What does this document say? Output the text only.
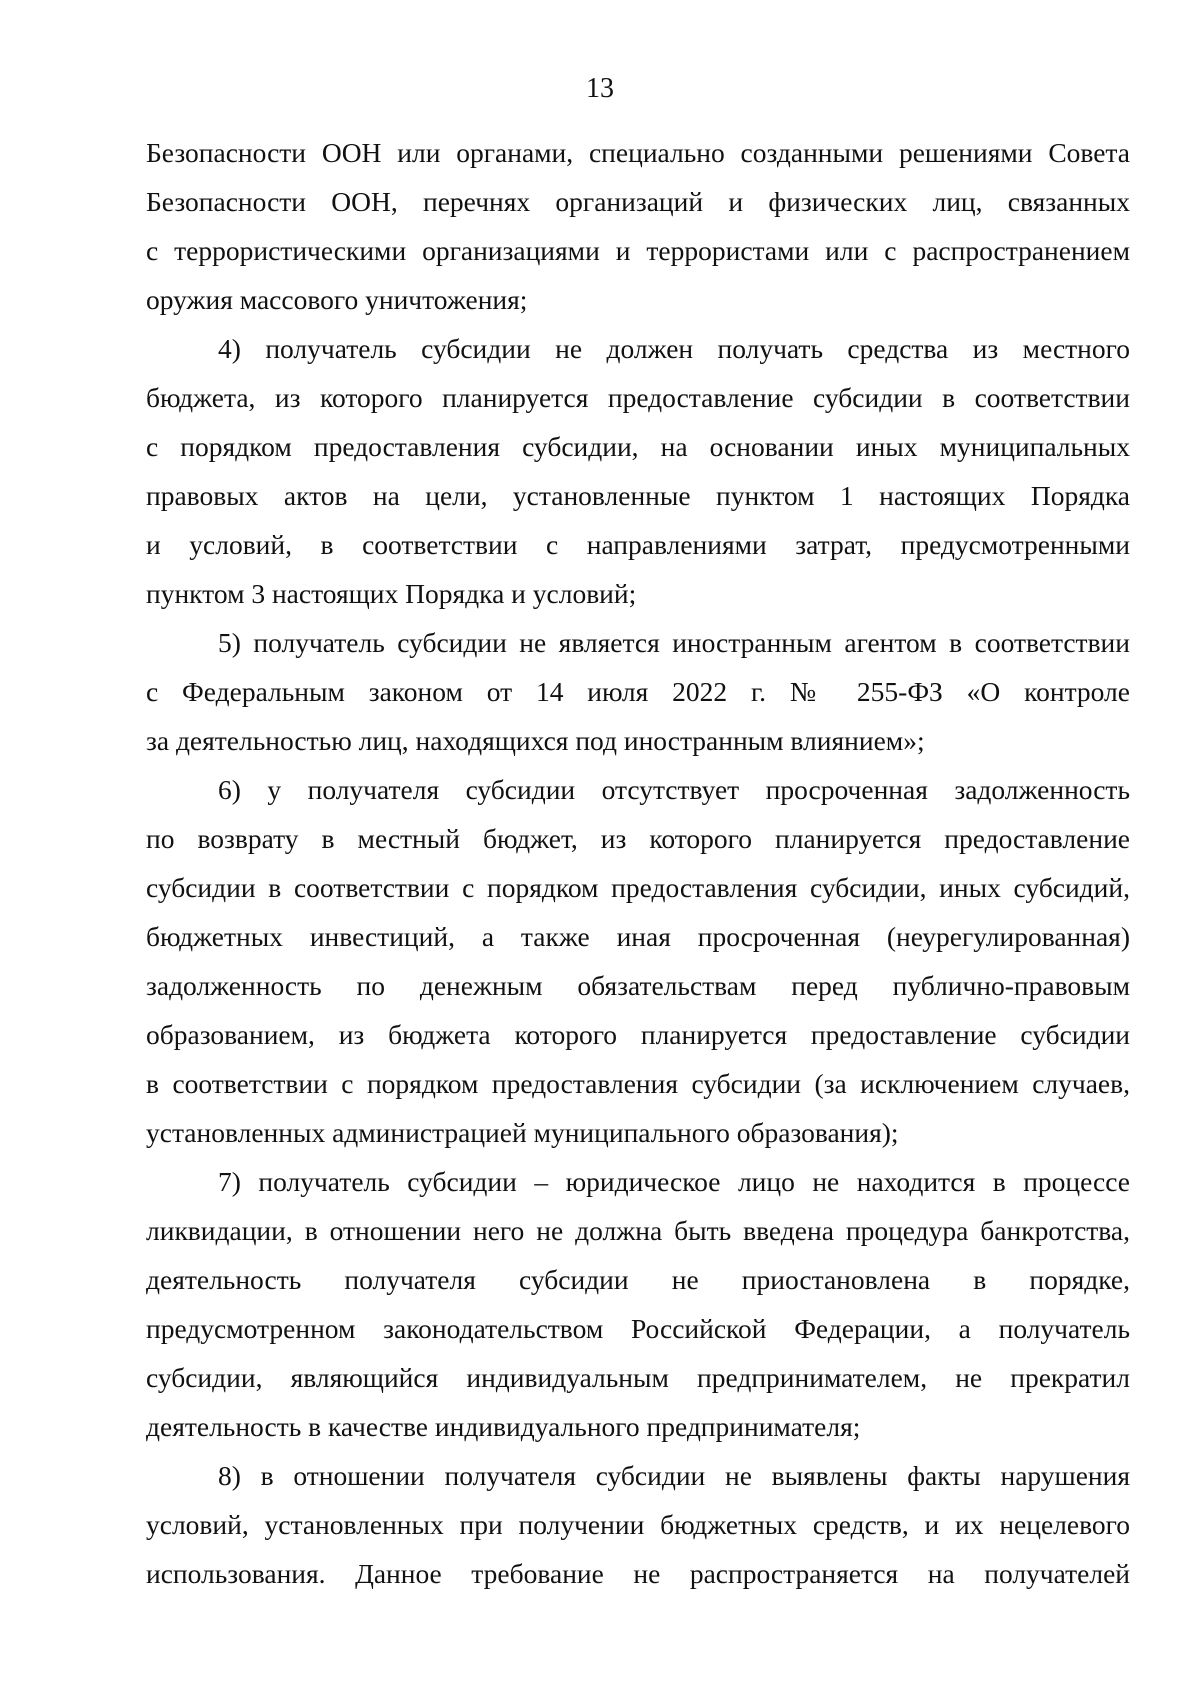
13
Безопасности ООН или органами, специально созданными решениями Совета
Безопасности ООН, перечнях организаций и физических лиц, связанных
с террористическими организациями и террористами или с распространением
оружия массового уничтожения;
4) получатель субсидии не должен получать средства из местного
бюджета, из которого планируется предоставление субсидии в соответствии
с порядком предоставления субсидии, на основании иных муниципальных
правовых актов на цели, установленные пунктом 1 настоящих Порядка
и условий, в соответствии с направлениями затрат, предусмотренными
пунктом 3 настоящих Порядка и условий;
5) получатель субсидии не является иностранным агентом в соответствии
с Федеральным законом от 14 июля 2022 г. № 255-ФЗ «О контроле
за деятельностью лиц, находящихся под иностранным влиянием»;
6) у получателя субсидии отсутствует просроченная задолженность
по возврату в местный бюджет, из которого планируется предоставление
субсидии в соответствии с порядком предоставления субсидии, иных субсидий,
бюджетных инвестиций, а также иная просроченная (неурегулированная)
задолженность по денежным обязательствам перед публично-правовым
образованием, из бюджета которого планируется предоставление субсидии
в соответствии с порядком предоставления субсидии (за исключением случаев,
установленных администрацией муниципального образования);
7) получатель субсидии – юридическое лицо не находится в процессе
ликвидации, в отношении него не должна быть введена процедура банкротства,
деятельность получателя субсидии не приостановлена в порядке,
предусмотренном законодательством Российской Федерации, а получатель
субсидии, являющийся индивидуальным предпринимателем, не прекратил
деятельность в качестве индивидуального предпринимателя;
8) в отношении получателя субсидии не выявлены факты нарушения
условий, установленных при получении бюджетных средств, и их нецелевого
использования. Данное требование не распространяется на получателей
